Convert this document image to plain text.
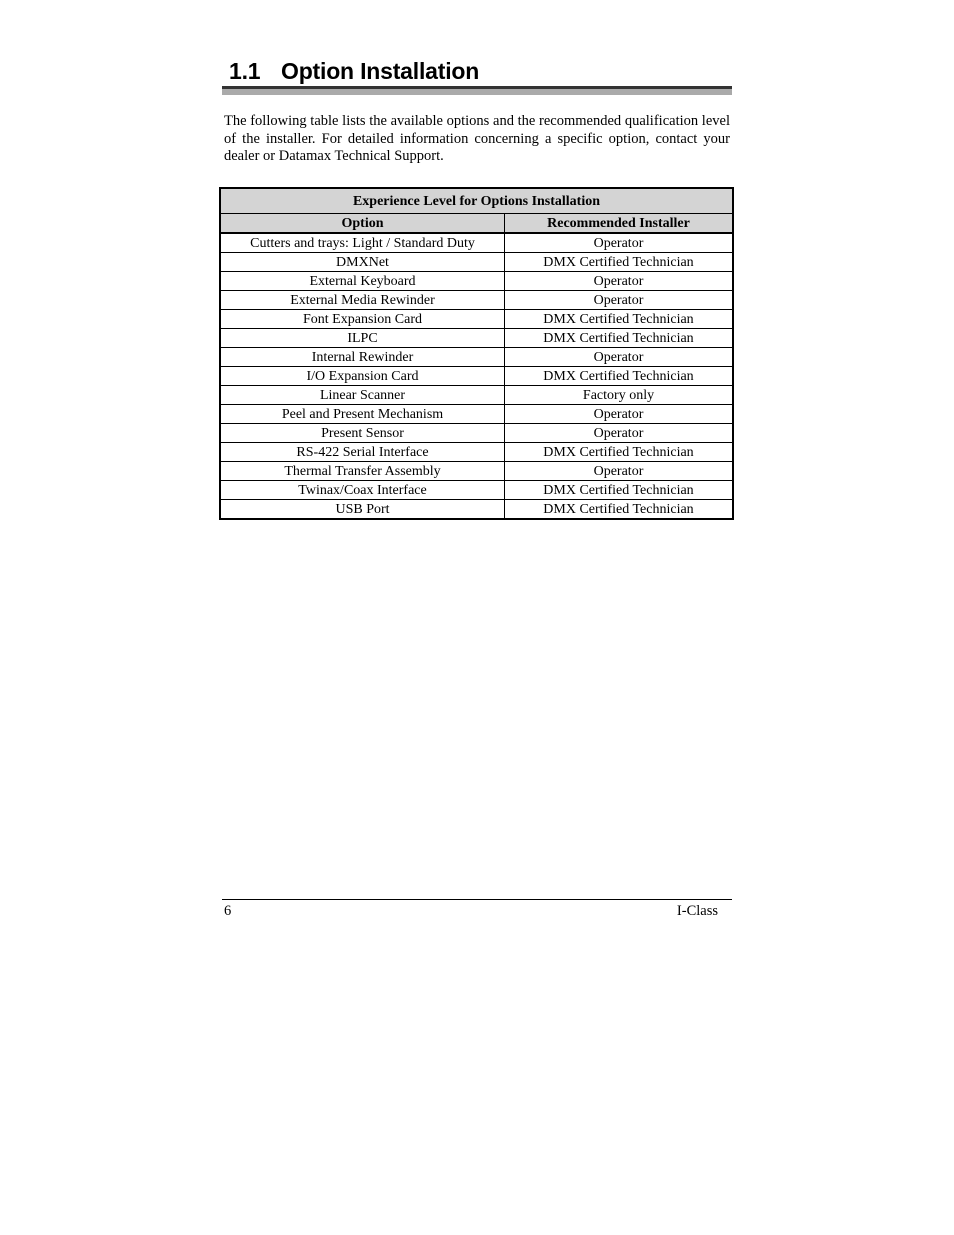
1.1 Option Installation

The following table lists the available options and the recommended qualification level of the installer. For detailed information concerning a specific option, contact your dealer or Datamax Technical Support.

Experience Level for Options Installation	
Option	Recommended Installer
Cutters and trays: Light / Standard Duty	Operator
DMXNet	DMX Certified Technician
External Keyboard	Operator
External Media Rewinder	Operator
Font Expansion Card	DMX Certified Technician
ILPC	DMX Certified Technician
Internal Rewinder	Operator
I/O Expansion Card	DMX Certified Technician
Linear Scanner	Factory only
Peel and Present Mechanism	Operator
Present Sensor	Operator
RS-422 Serial Interface	DMX Certified Technician
Thermal Transfer Assembly	Operator
Twinax/Coax Interface	DMX Certified Technician
USB Port	DMX Certified Technician
6	I-Class
